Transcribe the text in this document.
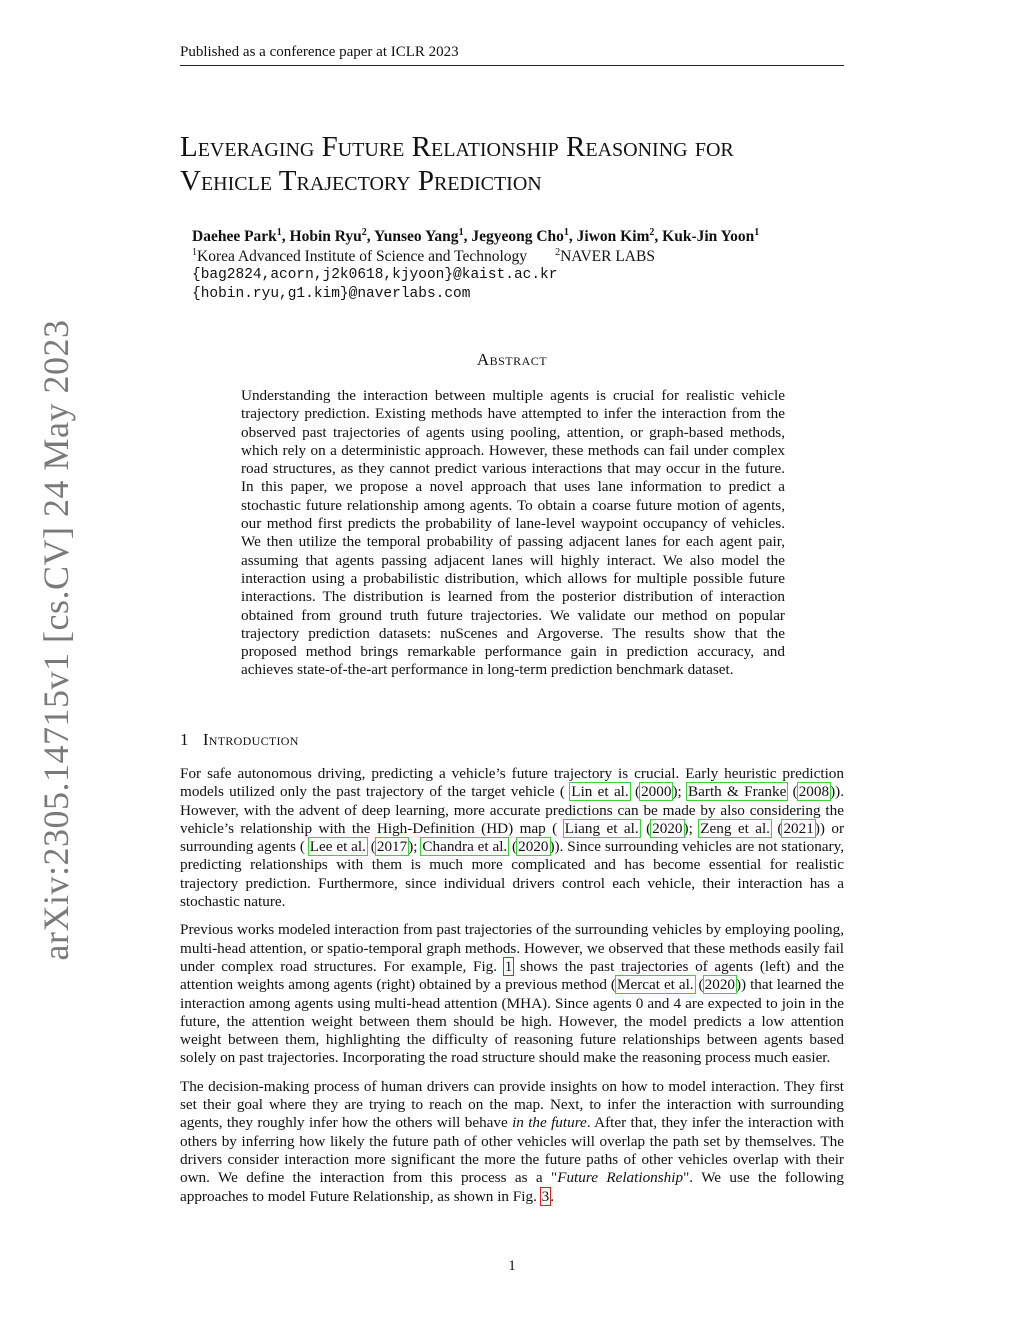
Published as a conference paper at ICLR 2023
arXiv:2305.14715v1 [cs.CV] 24 May 2023
Leveraging Future Relationship Reasoning for
Vehicle Trajectory Prediction
Daehee Park$^1$, Hobin Ryu$^2$, Yunseo Yang$^1$, Jegyeong Cho$^1$, Jiwon Kim$^2$, Kuk-Jin Yoon$^1$
$^1$Korea Advanced Institute of Science and Technology	$^2$NAVER LABS
{bag2824,acorn,j2k0618,kjyoon}@kaist.ac.kr
{hobin.ryu,g1.kim}@naverlabs.com
Abstract
Understanding the interaction between multiple agents is crucial for realistic vehicle trajectory prediction. Existing methods have attempted to infer the interaction from the observed past trajectories of agents using pooling, attention, or graph-based methods, which rely on a deterministic approach. However, these methods can fail under complex road structures, as they cannot predict various interactions that may occur in the future. In this paper, we propose a novel approach that uses lane information to predict a stochastic future relationship among agents. To obtain a coarse future motion of agents, our method first predicts the probability of lane-level waypoint occupancy of vehicles. We then utilize the temporal probability of passing adjacent lanes for each agent pair, assuming that agents passing adjacent lanes will highly interact. We also model the interaction using a probabilistic distribution, which allows for multiple possible future interactions. The distribution is learned from the posterior distribution of interaction obtained from ground truth future trajectories. We validate our method on popular trajectory prediction datasets: nuScenes and Argoverse. The results show that the proposed method brings remarkable performance gain in prediction accuracy, and achieves state-of-the-art performance in long-term prediction benchmark dataset.
1 Introduction

For safe autonomous driving, predicting a vehicle’s future trajectory is crucial. Early heuristic prediction models utilized only the past trajectory of the target vehicle ( Lin et al. (2000); Barth & Franke (2008)). However, with the advent of deep learning, more accurate predictions can be made by also considering the vehicle’s relationship with the High-Definition (HD) map ( Liang et al. (2020); Zeng et al. (2021)) or surrounding agents ( Lee et al. (2017); Chandra et al. (2020)). Since surrounding vehicles are not stationary, predicting relationships with them is much more complicated and has become essential for realistic trajectory prediction. Furthermore, since individual drivers control each vehicle, their interaction has a stochastic nature.

Previous works modeled interaction from past trajectories of the surrounding vehicles by employing pooling, multi-head attention, or spatio-temporal graph methods. However, we observed that these methods easily fail under complex road structures. For example, Fig. 1 shows the past trajectories of agents (left) and the attention weights among agents (right) obtained by a previous method (Mercat et al. (2020)) that learned the interaction among agents using multi-head attention (MHA). Since agents 0 and 4 are expected to join in the future, the attention weight between them should be high. However, the model predicts a low attention weight between them, highlighting the difficulty of reasoning future relationships between agents based solely on past trajectories. Incorporating the road structure should make the reasoning process much easier.

The decision-making process of human drivers can provide insights on how to model interaction. They first set their goal where they are trying to reach on the map. Next, to infer the interaction with surrounding agents, they roughly infer how the others will behave in the future. After that, they infer the interaction with others by inferring how likely the future path of other vehicles will overlap the path set by themselves. The drivers consider interaction more significant the more the future paths of other vehicles overlap with their own. We define the interaction from this process as a "Future Relationship". We use the following approaches to model Future Relationship, as shown in Fig. 3.

1
